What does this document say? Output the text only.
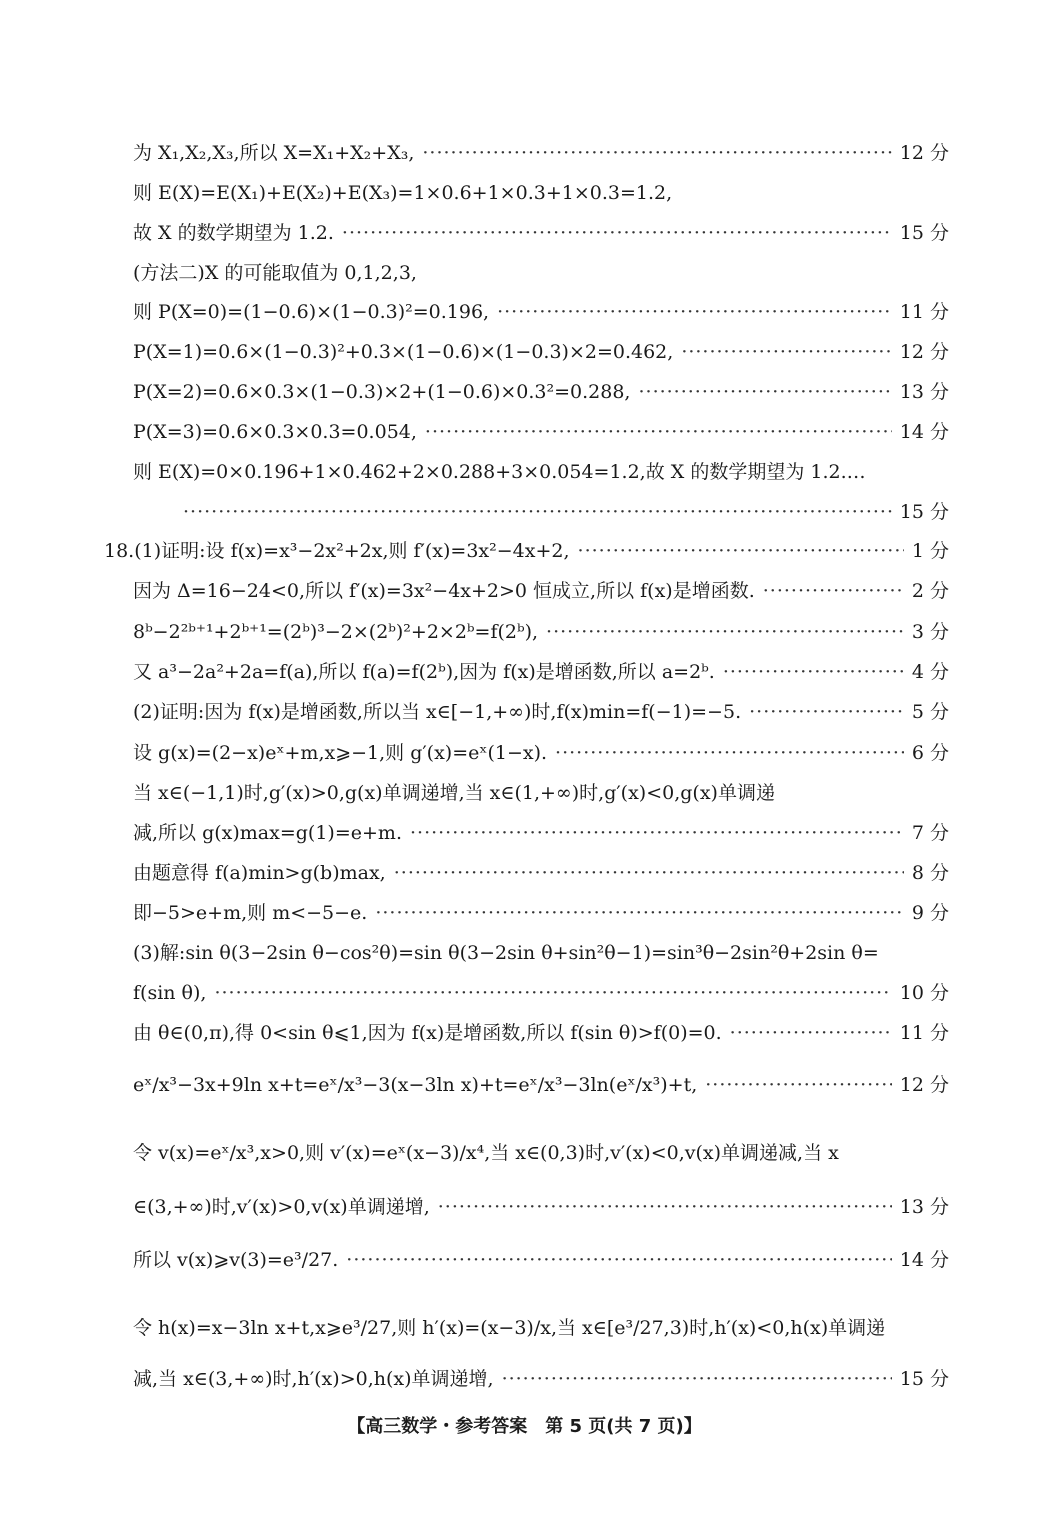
为 X₁,X₂,X₃,所以 X=X₁+X₂+X₃, ·····	12 分
则 E(X)=E(X₁)+E(X₂)+E(X₃)=1×0.6+1×0.3+1×0.3=1.2,
故 X 的数学期望为 1.2. ·····	15 分
(方法二)X 的可能取值为 0,1,2,3,
则 P(X=0)=(1−0.6)×(1−0.3)²=0.196, ·····	11 分
P(X=1)=0.6×(1−0.3)²+0.3×(1−0.6)×(1−0.3)×2=0.462, ·····	12 分
P(X=2)=0.6×0.3×(1−0.3)×2+(1−0.6)×0.3²=0.288, ·····	13 分
P(X=3)=0.6×0.3×0.3=0.054, ·····	14 分
则 E(X)=0×0.196+1×0.462+2×0.288+3×0.054=1.2,故 X 的数学期望为 1.2.…
·····
15 分
18.(1)证明:设 f(x)=x³−2x²+2x,则 f′(x)=3x²−4x+2, ·····	1 分
因为 Δ=16−24<0,所以 f′(x)=3x²−4x+2>0 恒成立,所以 f(x)是增函数. ·····	2 分
8ᵇ−2²ᵇ⁺¹+2ᵇ⁺¹=(2ᵇ)³−2×(2ᵇ)²+2×2ᵇ=f(2ᵇ), ·····	3 分
又 a³−2a²+2a=f(a),所以 f(a)=f(2ᵇ),因为 f(x)是增函数,所以 a=2ᵇ. ·····	4 分
(2)证明:因为 f(x)是增函数,所以当 x∈[−1,+∞)时,f(x)min=f(−1)=−5. ·····	5 分
设 g(x)=(2−x)eˣ+m,x⩾−1,则 g′(x)=eˣ(1−x). ·····	6 分
当 x∈(−1,1)时,g′(x)>0,g(x)单调递增,当 x∈(1,+∞)时,g′(x)<0,g(x)单调递
减,所以 g(x)max=g(1)=e+m. ·····	7 分
由题意得 f(a)min>g(b)max, ·····	8 分
即−5>e+m,则 m<−5−e. ·····	9 分
(3)解:sin θ(3−2sin θ−cos²θ)=sin θ(3−2sin θ+sin²θ−1)=sin³θ−2sin²θ+2sin θ=
f(sin θ), ·····	10 分
由 θ∈(0,π),得 0<sin θ⩽1,因为 f(x)是增函数,所以 f(sin θ)>f(0)=0. ·····	11 分
eˣ/x³−3x+9ln x+t=eˣ/x³−3(x−3ln x)+t=eˣ/x³−3ln(eˣ/x³)+t, ·····	12 分
令 v(x)=eˣ/x³,x>0,则 v′(x)=eˣ(x−3)/x⁴,当 x∈(0,3)时,v′(x)<0,v(x)单调递减,当 x
∈(3,+∞)时,v′(x)>0,v(x)单调递增, ·····	13 分
所以 v(x)⩾v(3)=e³/27. ·····	14 分
令 h(x)=x−3ln x+t,x⩾e³/27,则 h′(x)=(x−3)/x,当 x∈[e³/27,3)时,h′(x)<0,h(x)单调递
减,当 x∈(3,+∞)时,h′(x)>0,h(x)单调递增, ·····	15 分
【高三数学・参考答案　第 5 页(共 7 页)】
